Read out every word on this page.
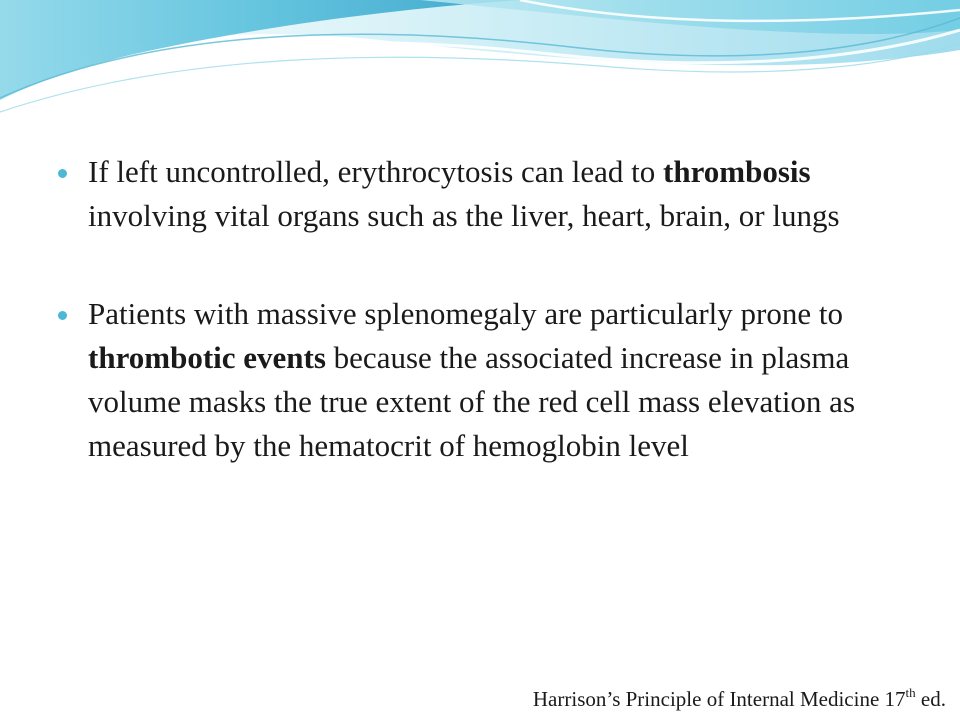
If left uncontrolled, erythrocytosis can lead to thrombosis involving vital organs such as the liver, heart, brain, or lungs
Patients with massive splenomegaly are particularly prone to thrombotic events because the associated increase in plasma volume masks the true extent of the red cell mass elevation as measured by the hematocrit of hemoglobin level
Harrison’s Principle of Internal Medicine 17th ed.
